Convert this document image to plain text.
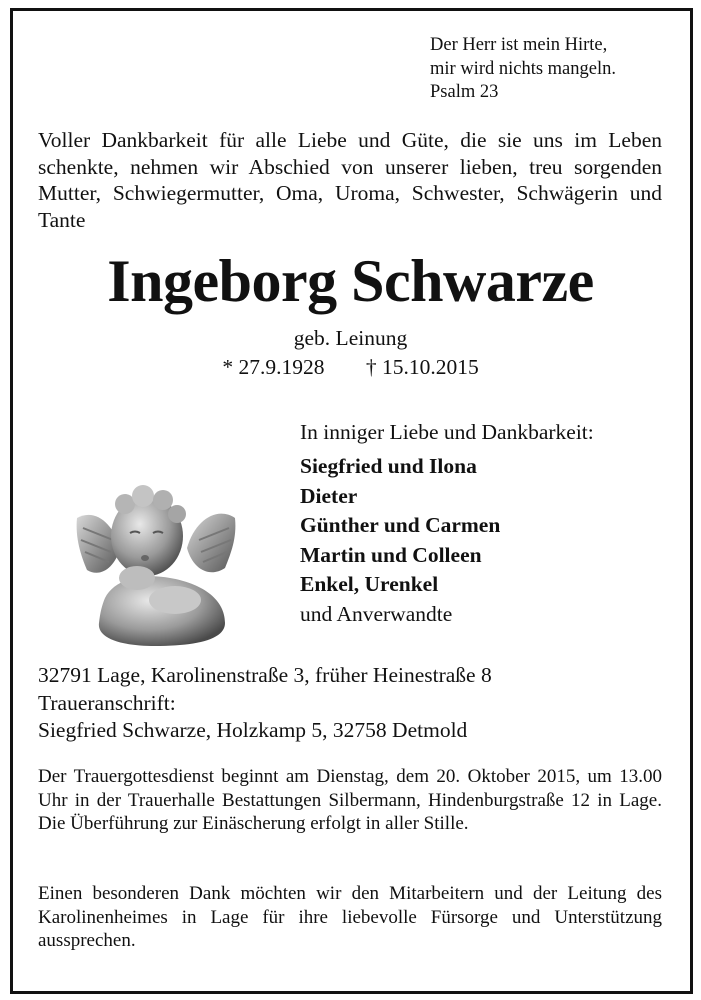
Der Herr ist mein Hirte,
mir wird nichts mangeln.
Psalm 23
Voller Dankbarkeit für alle Liebe und Güte, die sie uns im Leben schenkte, nehmen wir Abschied von unserer lieben, treu sorgenden Mutter, Schwiegermutter, Oma, Uroma, Schwester, Schwägerin und Tante
Ingeborg Schwarze
geb. Leinung
* 27.9.1928 † 15.10.2015
In inniger Liebe und Dankbarkeit:
Siegfried und Ilona
Dieter
Günther und Carmen
Martin und Colleen
Enkel, Urenkel
und Anverwandte
32791 Lage, Karolinenstraße 3, früher Heinestraße 8
Traueranschrift:
Siegfried Schwarze, Holzkamp 5, 32758 Detmold
Der Trauergottesdienst beginnt am Dienstag, dem 20. Oktober 2015, um 13.00 Uhr in der Trauerhalle Bestattungen Silbermann, Hindenburgstraße 12 in Lage. Die Überführung zur Einäscherung erfolgt in aller Stille.
Einen besonderen Dank möchten wir den Mitarbeitern und der Leitung des Karolinenheimes in Lage für ihre liebevolle Fürsorge und Unterstützung aussprechen.
